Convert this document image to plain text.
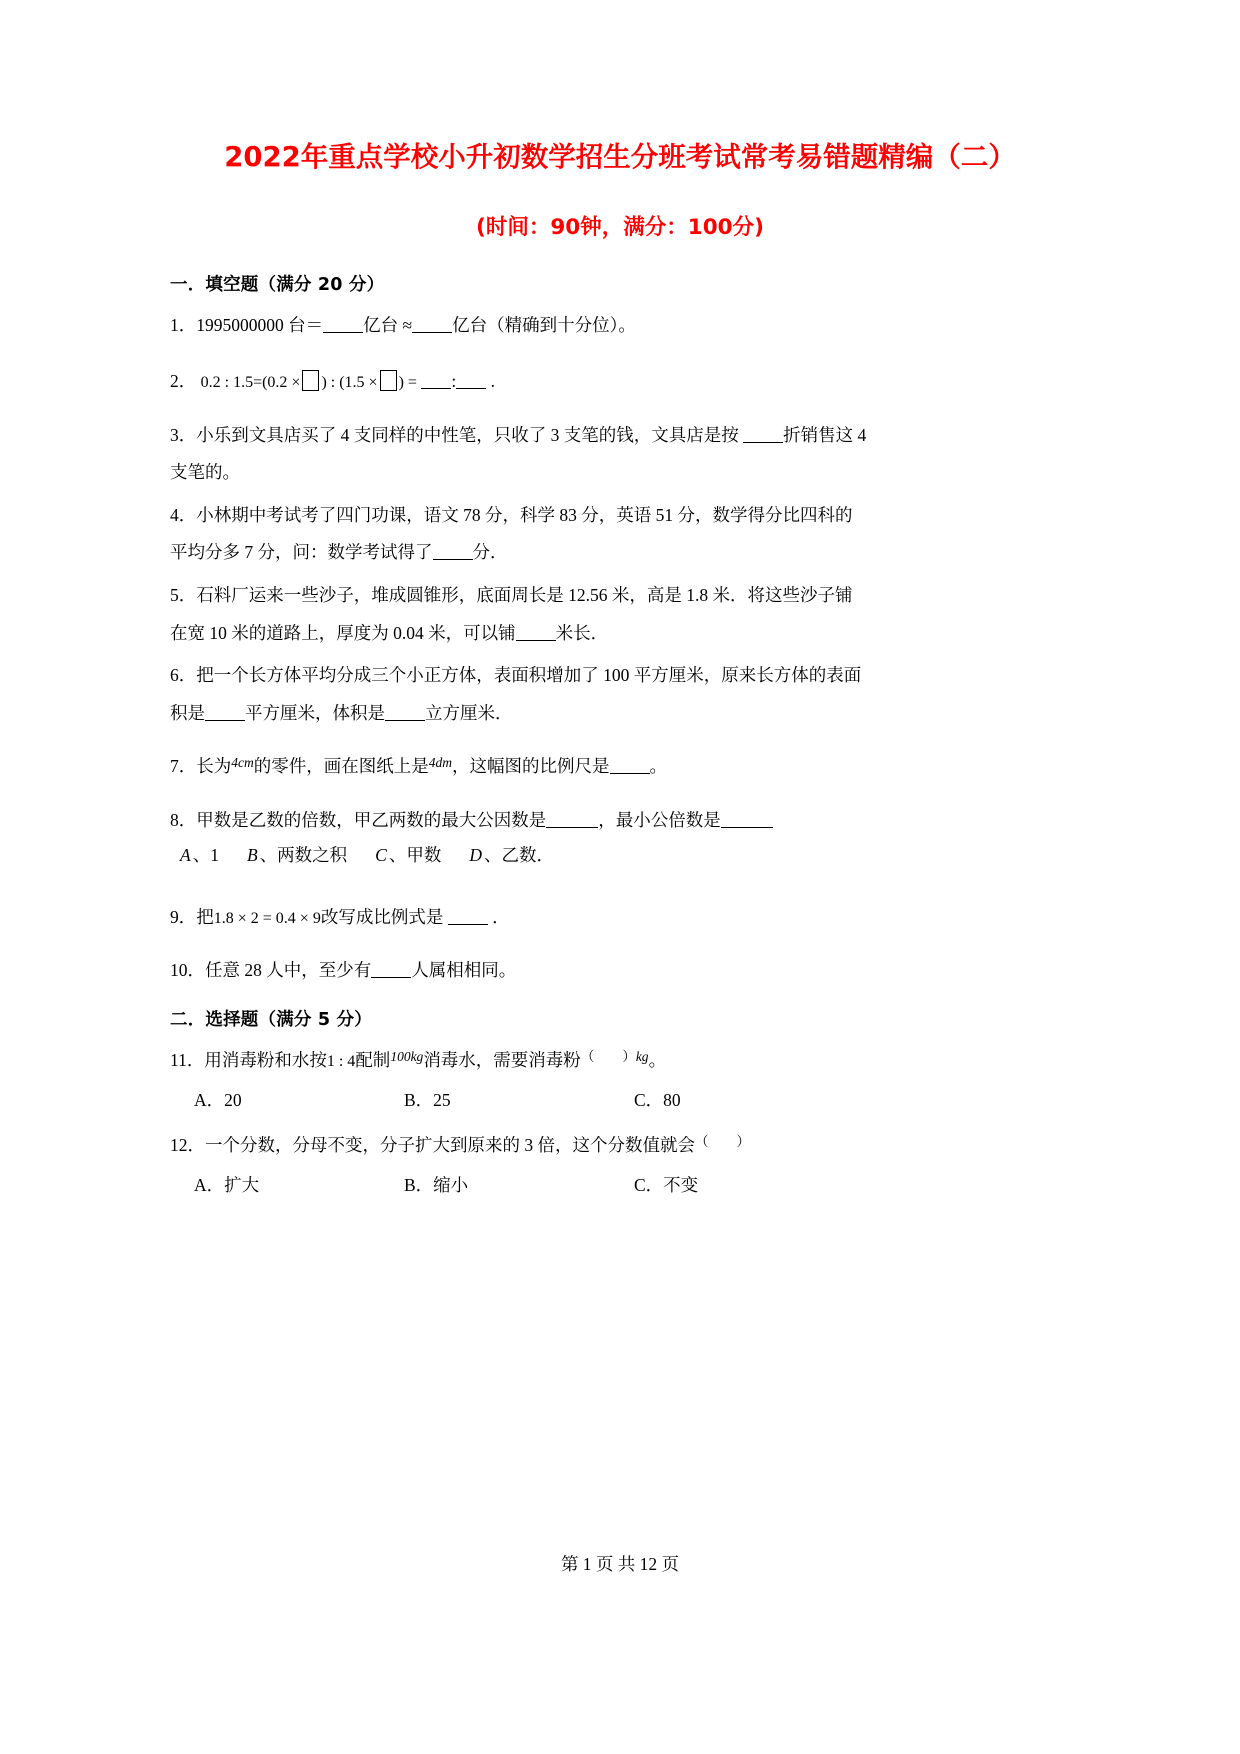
2022年重点学校小升初数学招生分班考试常考易错题精编（二）
(时间：90钟，满分：100分)
一．填空题（满分 20 分）
1．1995000000 台＝ 亿台 ≈ 亿台（精确到十分位）。
2． 0.2 : 1.5=(0.2 × ) : (1.5 × ) = : .
3．小乐到文具店买了 4 支同样的中性笔，只收了 3 支笔的钱，文具店是按	折销售这 4
支笔的。
4．小林期中考试考了四门功课，语文 78 分，科学 83 分，英语 51 分，数学得分比四科的
平均分多 7 分，问：数学考试得了 分．
5．石料厂运来一些沙子，堆成圆锥形，底面周长是 12.56 米，高是 1.8 米．将这些沙子铺
在宽 10 米的道路上，厚度为 0.04 米，可以铺 米长．
6．把一个长方体平均分成三个小正方体，表面积增加了 100 平方厘米，原来长方体的表面
积是 平方厘米，体积是 立方厘米．
7．长为$^{4cm}$的零件，画在图纸上是$^{4dm}$，这幅图的比例尺是 。
8．甲数是乙数的倍数，甲乙两数的最大公因数是	，最小公倍数是
A 、1 B 、两数之积 C 、甲数 D 、乙数．
9．把1.8 × 2 = 0.4 × 9改写成比例式是	．
10．任意 28 人中，至少有 人属相相同。
二．选择题（满分 5 分）
11．用消毒粉和水按1 : 4配制$^{100kg}$消毒水，需要消毒粉（ $^{)kg}$。
A．20	B．25	C．80
12．一个分数，分母不变，分子扩大到原来的 3 倍，这个分数值就会（ ）
A．扩大	B．缩小	C．不变
第 1 页 共 12 页
